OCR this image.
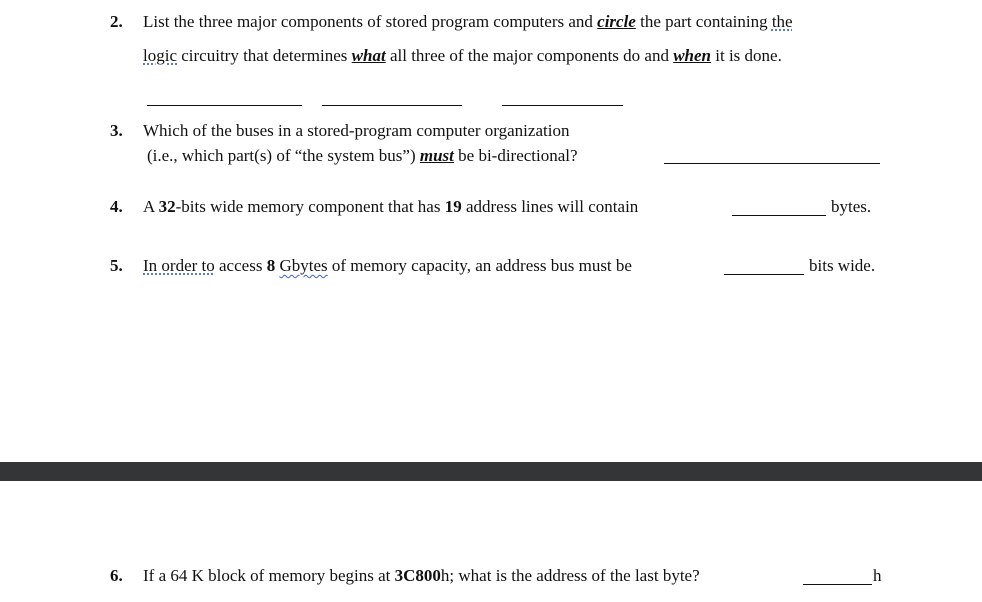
2. List the three major components of stored program computers and circle the part containing the
logic circuitry that determines what all three of the major components do and when it is done.
3. Which of the buses in a stored-program computer organization
(i.e., which part(s) of “the system bus”) must be bi-directional?
4. A 32-bits wide memory component that has 19 address lines will contain	bytes.
5. In order to access 8 Gbytes of memory capacity, an address bus must be	bits wide.
6. If a 64 K block of memory begins at 3C800h; what is the address of the last byte?	h
